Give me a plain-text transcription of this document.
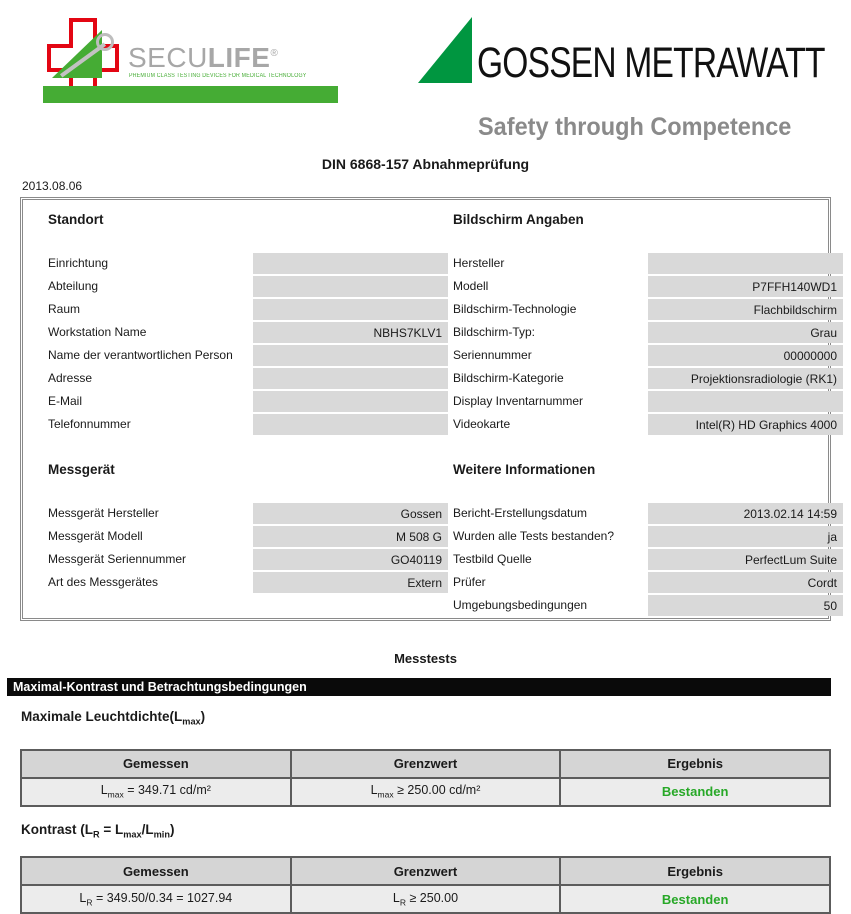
SECULIFE®
PREMIUM CLASS TESTING DEVICES FOR MEDICAL TECHNOLOGY	GOSSEN METRAWATT
Safety through Competence
DIN 6868-157 Abnahmeprüfung
2013.08.06
Standort
Einrichtung
Abteilung
Raum
Workstation Name	NBHS7KLV1
Name der verantwortlichen Person
Adresse
E-Mail
Telefonnummer
Messgerät
Messgerät Hersteller	Gossen
Messgerät Modell	M 508 G
Messgerät Seriennummer	GO40119
Art des Messgerätes	Extern
Bildschirm Angaben
Hersteller
Modell	P7FFH140WD1
Bildschirm-Technologie	Flachbildschirm
Bildschirm-Typ:	Grau
Seriennummer	00000000
Bildschirm-Kategorie	Projektionsradiologie (RK1)
Display Inventarnummer
Videokarte	Intel(R) HD Graphics 4000
Weitere Informationen
Bericht-Erstellungsdatum	2013.02.14 14:59
Wurden alle Tests bestanden?	ja
Testbild Quelle	PerfectLum Suite
Prüfer	Cordt
Umgebungsbedingungen	50
Messtests
Maximal-Kontrast und Betrachtungsbedingungen
Maximale $Leuchtdichte(L_{max})$
Gemessen	Grenzwert	Ergebnis
$L_{max} = 349.71$ cd/m²	$L_{max} \ge 250.00$ cd/m²	Bestanden
Kontrast $(L_R = L_{max}/L_{min})$
Gemessen	Grenzwert	Ergebnis
$L_R = 349.50/0.34 = 1027.94$	$L_R \ge 250.00$	Bestanden
